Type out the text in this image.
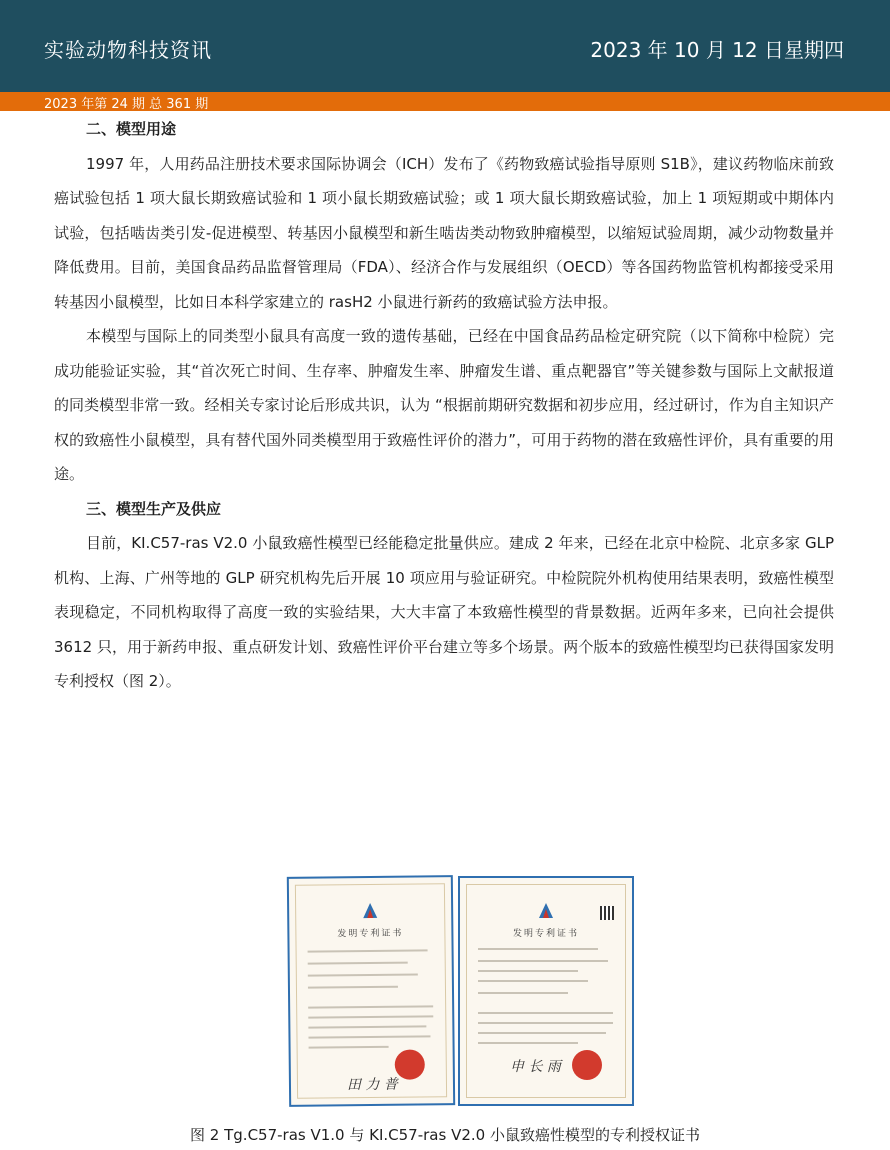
实验动物科技资讯	2023 年 10 月 12 日星期四
2023 年第 24 期 总 361 期
二、模型用途

1997 年，人用药品注册技术要求国际协调会（ICH）发布了《药物致癌试验指导原则 S1B》，建议药物临床前致癌试验包括 1 项大鼠长期致癌试验和 1 项小鼠长期致癌试验；或 1 项大鼠长期致癌试验，加上 1 项短期或中期体内试验，包括啮齿类引发-促进模型、转基因小鼠模型和新生啮齿类动物致肿瘤模型，以缩短试验周期，减少动物数量并降低费用。目前，美国食品药品监督管理局（FDA）、经济合作与发展组织（OECD）等各国药物监管机构都接受采用转基因小鼠模型，比如日本科学家建立的 rasH2 小鼠进行新药的致癌试验方法申报。

本模型与国际上的同类型小鼠具有高度一致的遗传基础，已经在中国食品药品检定研究院（以下简称中检院）完成功能验证实验，其“首次死亡时间、生存率、肿瘤发生率、肿瘤发生谱、重点靶器官”等关键参数与国际上文献报道的同类模型非常一致。经相关专家讨论后形成共识，认为 “根据前期研究数据和初步应用，经过研讨，作为自主知识产权的致癌性小鼠模型，具有替代国外同类模型用于致癌性评价的潜力”，可用于药物的潜在致癌性评价，具有重要的用途。

三、模型生产及供应

目前，KI.C57-ras V2.0 小鼠致癌性模型已经能稳定批量供应。建成 2 年来，已经在北京中检院、北京多家 GLP 机构、上海、广州等地的 GLP 研究机构先后开展 10 项应用与验证研究。中检院院外机构使用结果表明，致癌性模型表现稳定，不同机构取得了高度一致的实验结果，大大丰富了本致癌性模型的背景数据。近两年多来，已向社会提供 3612 只，用于新药申报、重点研发计划、致癌性评价平台建立等多个场景。两个版本的致癌性模型均已获得国家发明专利授权（图 2）。

发明专利证书
田 力 普
发明专利证书
申 长 雨
图 2 Tg.C57-ras V1.0 与 KI.C57-ras V2.0 小鼠致癌性模型的专利授权证书
